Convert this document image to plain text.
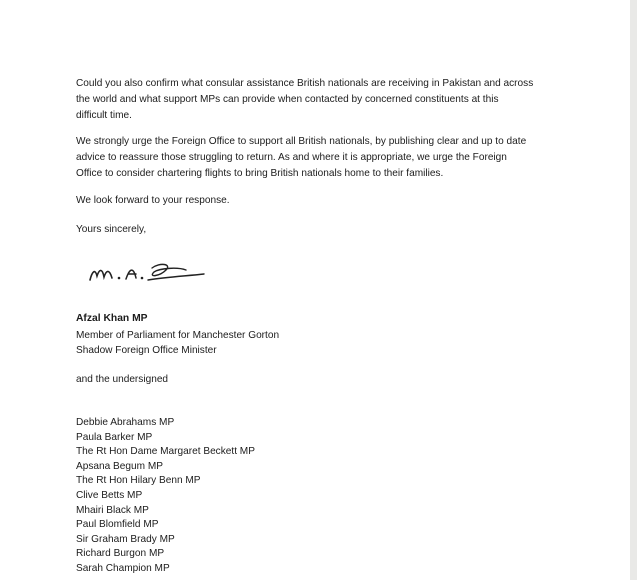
Could you also confirm what consular assistance British nationals are receiving in Pakistan and across
the world and what support MPs can provide when contacted by concerned constituents at this
difficult time.

We strongly urge the Foreign Office to support all British nationals, by publishing clear and up to date
advice to reassure those struggling to return. As and where it is appropriate, we urge the Foreign
Office to consider chartering flights to bring British nationals home to their families.

We look forward to your response.

Yours sincerely,

Afzal Khan MP
Member of Parliament for Manchester Gorton
Shadow Foreign Office Minister
and the undersigned
Debbie Abrahams MP
Paula Barker MP
The Rt Hon Dame Margaret Beckett MP
Apsana Begum MP
The Rt Hon Hilary Benn MP
Clive Betts MP
Mhairi Black MP
Paul Blomfield MP
Sir Graham Brady MP
Richard Burgon MP
Sarah Champion MP
